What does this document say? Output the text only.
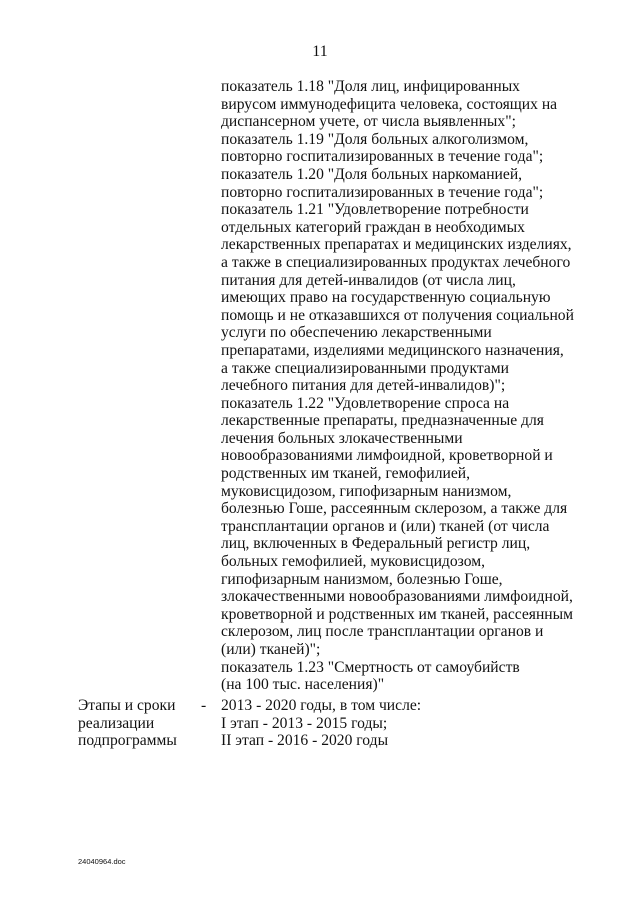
11
показатель 1.18 "Доля лиц, инфицированных
вирусом иммунодефицита человека, состоящих на
диспансерном учете, от числа выявленных";
показатель 1.19 "Доля больных алкоголизмом,
повторно госпитализированных в течение года";
показатель 1.20 "Доля больных наркоманией,
повторно госпитализированных в течение года";
показатель 1.21 "Удовлетворение потребности
отдельных категорий граждан в необходимых
лекарственных препаратах и медицинских изделиях,
а также в специализированных продуктах лечебного
питания для детей-инвалидов (от числа лиц,
имеющих право на государственную социальную
помощь и не отказавшихся от получения социальной
услуги по обеспечению лекарственными
препаратами, изделиями медицинского назначения,
а также специализированными продуктами
лечебного питания для детей-инвалидов)";
показатель 1.22 "Удовлетворение спроса на
лекарственные препараты, предназначенные для
лечения больных злокачественными
новообразованиями лимфоидной, кроветворной и
родственных им тканей, гемофилией,
муковисцидозом, гипофизарным нанизмом,
болезнью Гоше, рассеянным склерозом, а также для
трансплантации органов и (или) тканей (от числа
лиц, включенных в Федеральный регистр лиц,
больных гемофилией, муковисцидозом,
гипофизарным нанизмом, болезнью Гоше,
злокачественными новообразованиями лимфоидной,
кроветворной и родственных им тканей, рассеянным
склерозом, лиц после трансплантации органов и
(или) тканей)";
показатель 1.23 "Смертность от самоубийств
(на 100 тыс. населения)"
Этапы и сроки
реализации
подпрограммы
- 2013 - 2020 годы, в том числе:
I этап - 2013 - 2015 годы;
II этап - 2016 - 2020 годы
24040964.doc
